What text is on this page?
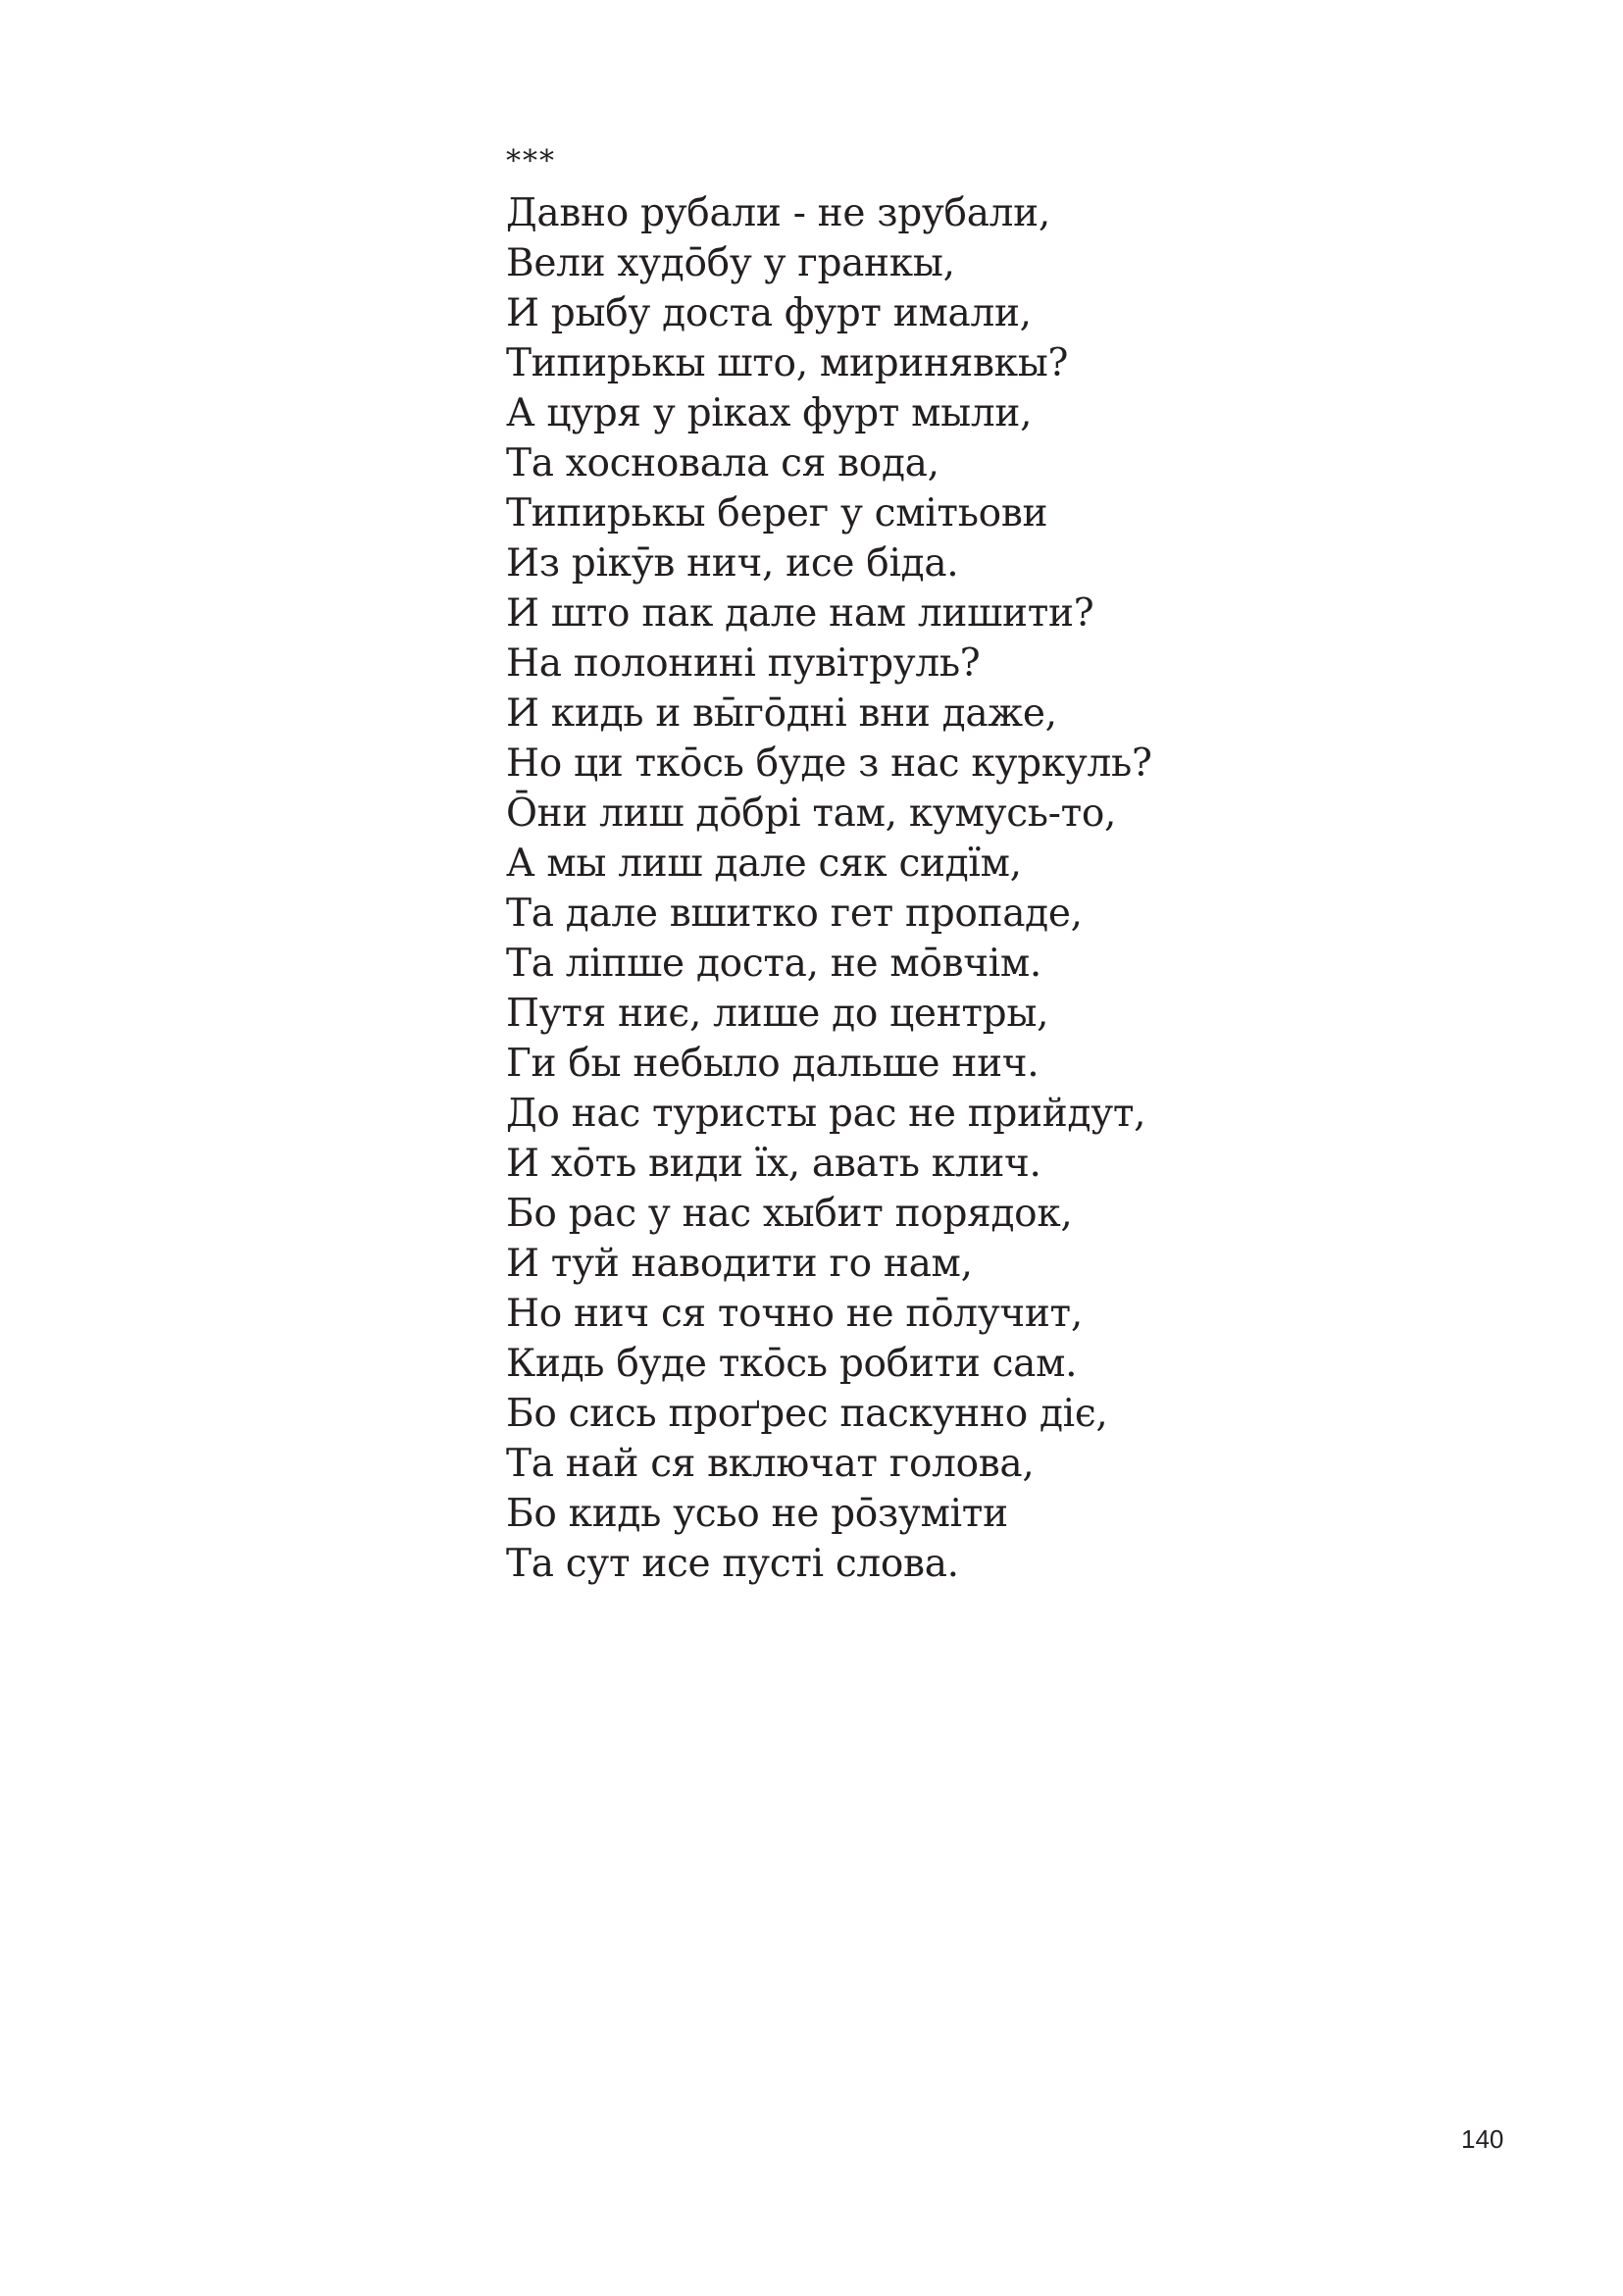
***
Давно рубали - не зрубали,
Вели худо̄бу у гранкы,
И рыбу доста фурт имали,
Типирькы што, миринявкы?
А цуря у ріках фурт мыли,
Та хосновала ся вода,
Типирькы берег у смітьови
Из рікӯв нич, исе біда.
И што пак дале нам лишити?
На полонині пувітруль?
И кидь и вы̄го̄дні вни даже,
Но ци тко̄сь буде з нас куркуль?
О̄ни лиш до̄брі там, кумусь-то,
А мы лиш дале сяк сидїм,
Та дале вшитко гет пропаде,
Та ліпше доста, не мо̄вчім.
Путя ниє, лише до центры,
Ги бы небыло дальше нич.
До нас туристы рас не прийдут,
И хо̄ть види їх, авать клич.
Бо рас у нас хыбит порядок,
И туй наводити го нам,
Но нич ся точно не по̄лучит,
Кидь буде тко̄сь робити сам.
Бо сись проґрес паскунно діє,
Та най ся включат голова,
Бо кидь усьо не ро̄зуміти
Та сут исе пусті слова.
140
